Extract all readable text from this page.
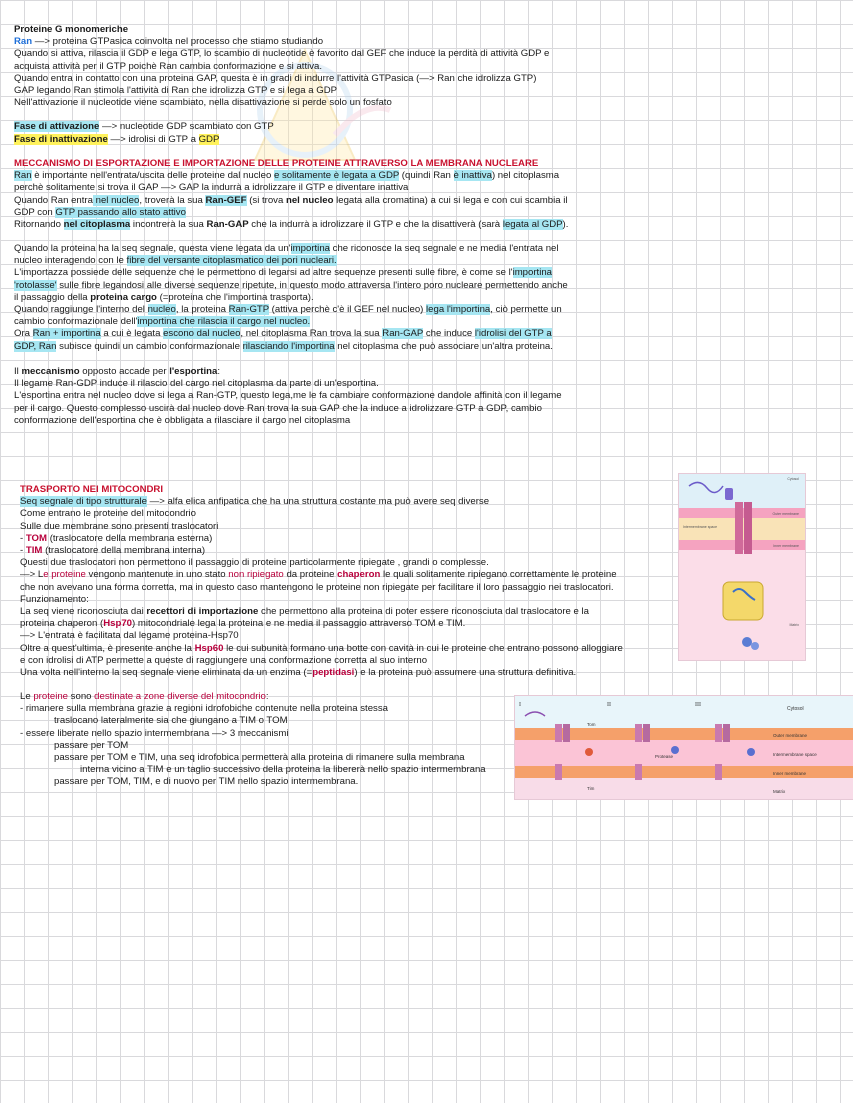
Proteine G monomeriche

Ran —> proteina GTPasica coinvolta nel processo che stiamo studiando

Quando si attiva, rilascia il GDP e lega GTP, lo scambio di nucleotide è favorito dal GEF che induce la perdità di attività GDP e

acquista attività per il GTP poichè Ran cambia conformazione e si attiva.

Quando entra in contatto con una proteina GAP, questa è in gradi di indurre l'attività GTPasica (—> Ran che idrolizza GTP)

GAP legando Ran stimola l'attività di Ran che idrolizza GTP e si lega a GDP

Nell'attivazione il nucleotide viene scambiato, nella disattivazione si perde solo un fosfato

Fase di attivazione —> nucleotide GDP scambiato con GTP

Fase di inattivazione —> idrolisi di GTP a GDP

MECCANISMO DI ESPORTAZIONE E IMPORTAZIONE DELLE PROTEINE ATTRAVERSO LA MEMBRANA NUCLEARE

Ran è importante nell'entrata/uscita delle proteine dal nucleo e solitamente è legata a GDP (quindi Ran è inattiva) nel citoplasma

perchè solitamente si trova il GAP —> GAP la indurrà a idrolizzare il GTP e diventare inattiva

Quando Ran entra nel nucleo, troverà la sua Ran-GEF (si trova nel nucleo legata alla cromatina) a cui si lega e con cui scambia il

GDP con GTP passando allo stato attivo

Ritornando nel citoplasma incontrerà la sua Ran-GAP che la indurrà a idrolizzare il GTP e che la disattiverà (sarà legata al GDP).

Quando la proteina ha la seq segnale, questa viene legata da un'importina che riconosce la seq segnale e ne media l'entrata nel

nucleo interagendo con le fibre del versante citoplasmatico dei pori nucleari.

L'importazza possiede delle sequenze che le permettono di legarsi ad altre sequenze presenti sulle fibre, è come se l'importina

'rotolasse' sulle fibre legandosi alle diverse sequenze ripetute, in questo modo attraversa l'intero poro nucleare permettendo anche

il passaggio della proteina cargo (=proteina che l'importina trasporta).

Quando raggiunge l'interno del nucleo, la proteina Ran-GTP (attiva perchè c'è il GEF nel nucleo) lega l'importina, ciò permette un

cambio conformazionale dell'importina che rilascia il cargo nel nucleo.

Ora Ran + importina a cui è legata escono dal nucleo, nel citoplasma Ran trova la sua Ran-GAP che induce l'idrolisi del GTP a

GDP, Ran subisce quindi un cambio conformazionale rilasciando l'importina nel citoplasma che può associare un'altra proteina.

Il meccanismo opposto accade per l'esportina:

Il legame Ran-GDP induce il rilascio del cargo nel citoplasma da parte di un'esportina.

L'esportina entra nel nucleo dove si lega a Ran-GTP, questo lega,me le fa cambiare conformazione dandole affinità con il legame

per il cargo. Questo complesso uscirà dal nucleo dove Ran trova la sua GAP che la induce a idrolizzare GTP a GDP, cambio

conformazione dell'esportina che è obbligata a rilasciare il cargo nel citoplasma

TRASPORTO NEI MITOCONDRI

Seq segnale di tipo strutturale —> alfa elica anfipatica che ha una struttura costante ma può avere seq diverse

Come entrano le proteine del mitocondrio

Sulle due membrane sono presenti traslocatori

- TOM (traslocatore della membrana esterna)

- TIM (traslocatore della membrana interna)

Questi due traslocatori non permettono il passaggio di proteine particolarmente ripiegate , grandi o complesse.

—> Le proteine vengono mantenute in uno stato non ripiegato da proteine chaperon le quali solitamente ripiegano correttamente le proteine

che non avevano una forma corretta, ma in questo caso mantengono le proteine non ripiegate per facilitare il loro passaggio nei traslocatori.

Funzionamento:

La seq viene riconosciuta dai recettori di importazione che permettono alla proteina di poter essere riconosciuta dal traslocatore e la

proteina chaperon (Hsp70) mitocondriale lega la proteina e ne media il passaggio attraverso TOM e TIM.

—> L'entrata è facilitata dal legame proteina-Hsp70

Oltre a quest'ultima, è presente anche la Hsp60 le cui subunità formano una botte con cavità in cui le proteine che entrano possono alloggiare

e con idrolisi di ATP permette a queste di raggiungere una conformazione corretta al suo interno

Una volta nell'interno la seq segnale viene eliminata da un enzima (=peptidasi) e la proteina può assumere una struttura definitiva.

Le proteine sono destinate a zone diverse del mitocondrio:

- rimanere sulla membrana grazie a regioni idrofobiche contenute nella proteina stessa

traslocano lateralmente sia che giungano a TIM o TOM

- essere liberate nello spazio intermembrana —> 3 meccanismi

passare per TOM

passare per TOM e TIM, una seq idrofobica permetterà alla proteina di rimanere sulla membrana

interna vicino a TIM e un taglio successivo della proteina la libererà nello spazio intermembrana

passare per TOM, TIM, e di nuovo per TIM nello spazio intermembrana.

Cytosol
Outer membrane
Intermembrane space
Inner membrane
Matrix
I	II	III
Tom
Tim
Protease
Cytosol
Outer membrane
Intermembrane space
Inner membrane
Matrix
